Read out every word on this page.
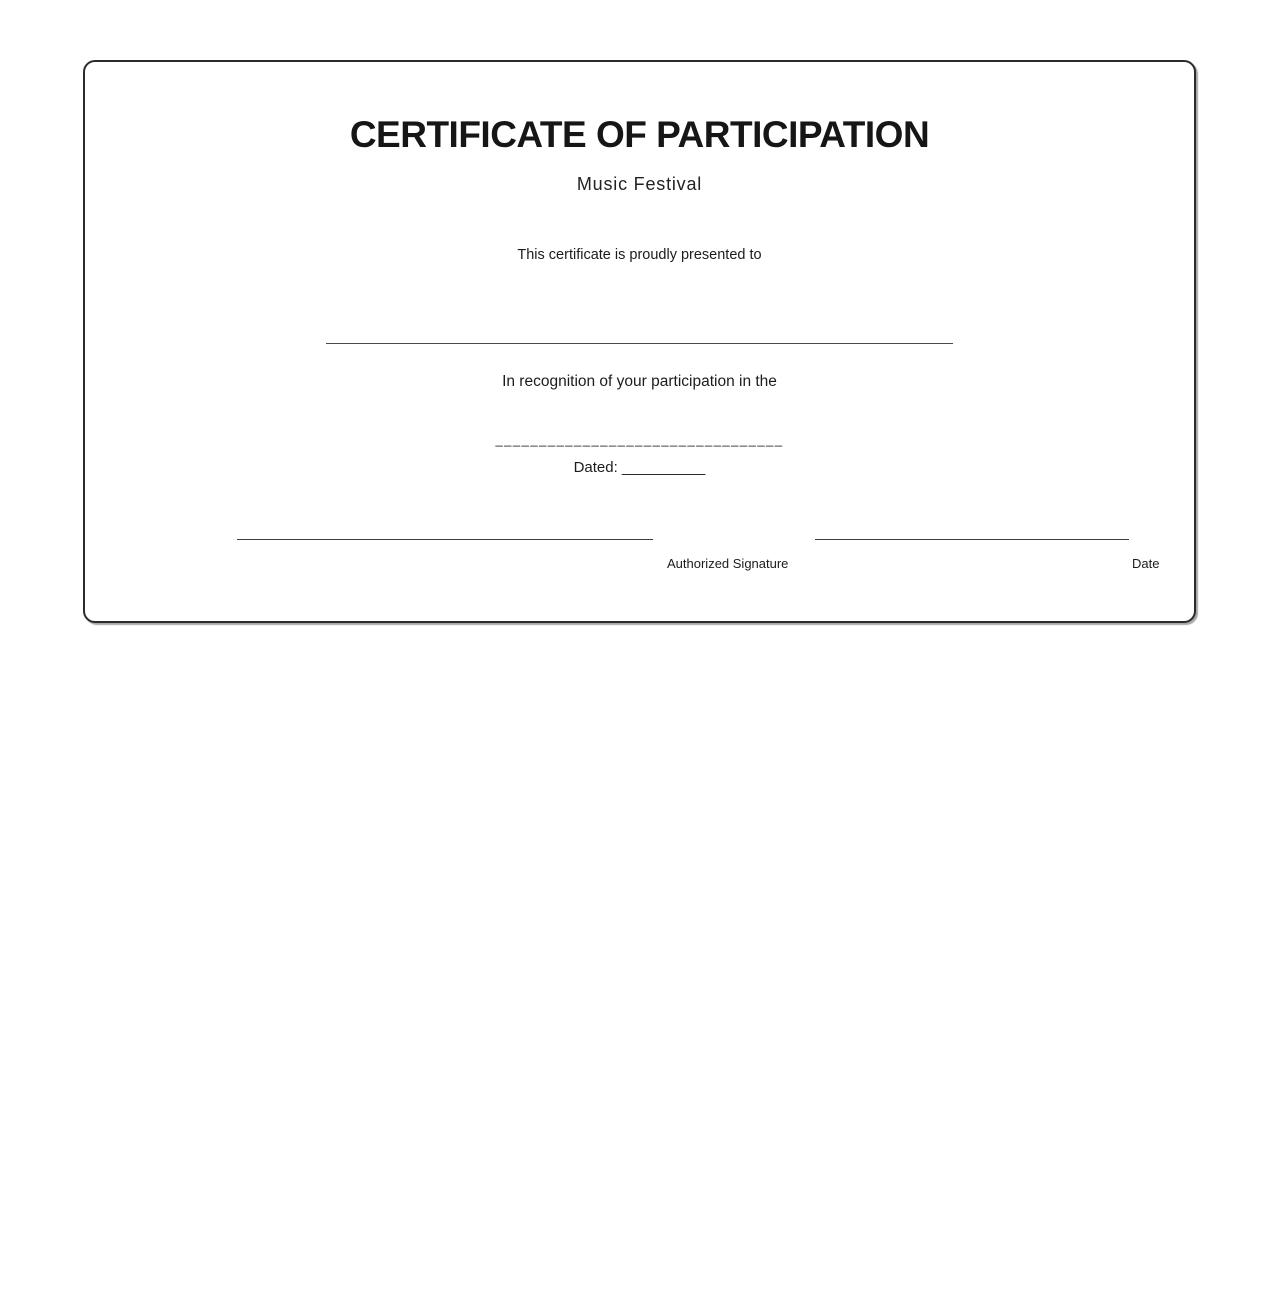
CERTIFICATE OF PARTICIPATION
Music Festival
This certificate is proudly presented to
In recognition of your participation in the
_________________________________
Dated: __________
Authorized Signature	Date
